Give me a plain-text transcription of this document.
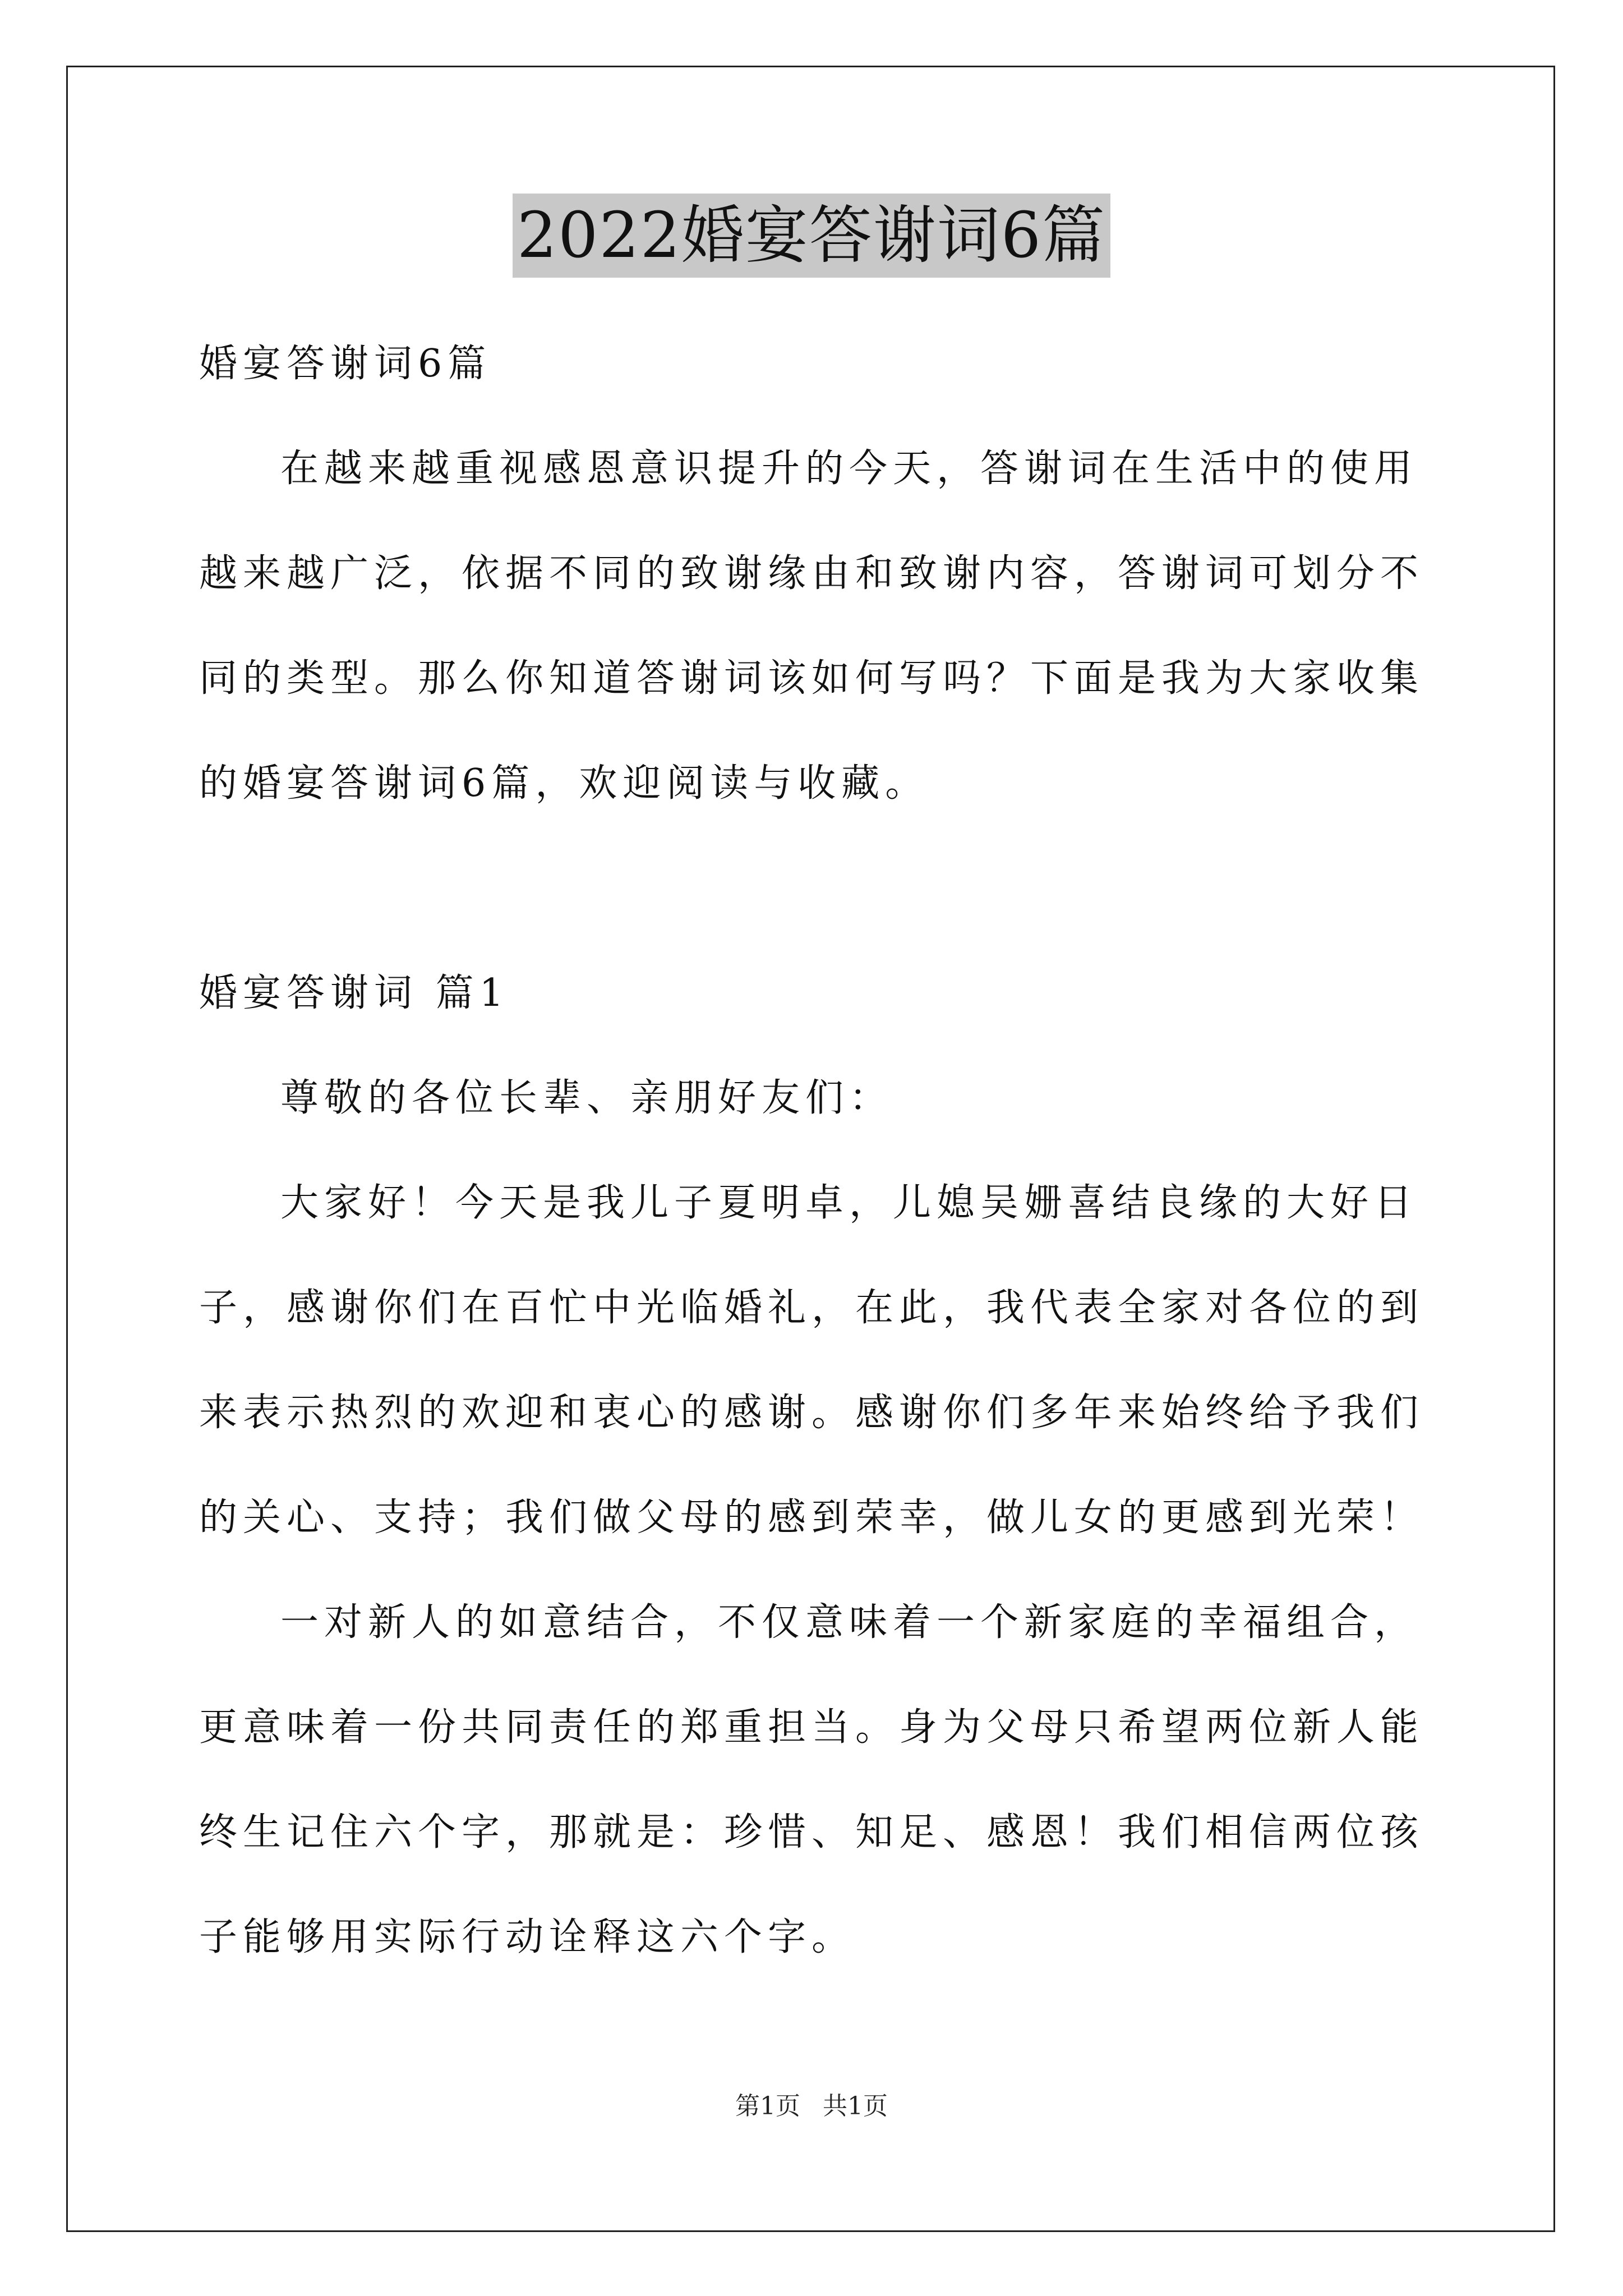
2022婚宴答谢词6篇

婚宴答谢词6篇

在越来越重视感恩意识提升的今天，答谢词在生活中的使用越来越广泛，依据不同的致谢缘由和致谢内容，答谢词可划分不同的类型。那么你知道答谢词该如何写吗？下面是我为大家收集的婚宴答谢词6篇，欢迎阅读与收藏。

婚宴答谢词 篇1

尊敬的各位长辈、亲朋好友们：

大家好！今天是我儿子夏明卓，儿媳吴姗喜结良缘的大好日子，感谢你们在百忙中光临婚礼，在此，我代表全家对各位的到来表示热烈的欢迎和衷心的感谢。感谢你们多年来始终给予我们的关心、支持；我们做父母的感到荣幸，做儿女的更感到光荣！

一对新人的如意结合，不仅意味着一个新家庭的幸福组合，更意味着一份共同责任的郑重担当。身为父母只希望两位新人能终生记住六个字，那就是：珍惜、知足、感恩！我们相信两位孩子能够用实际行动诠释这六个字。

第1页 共1页
